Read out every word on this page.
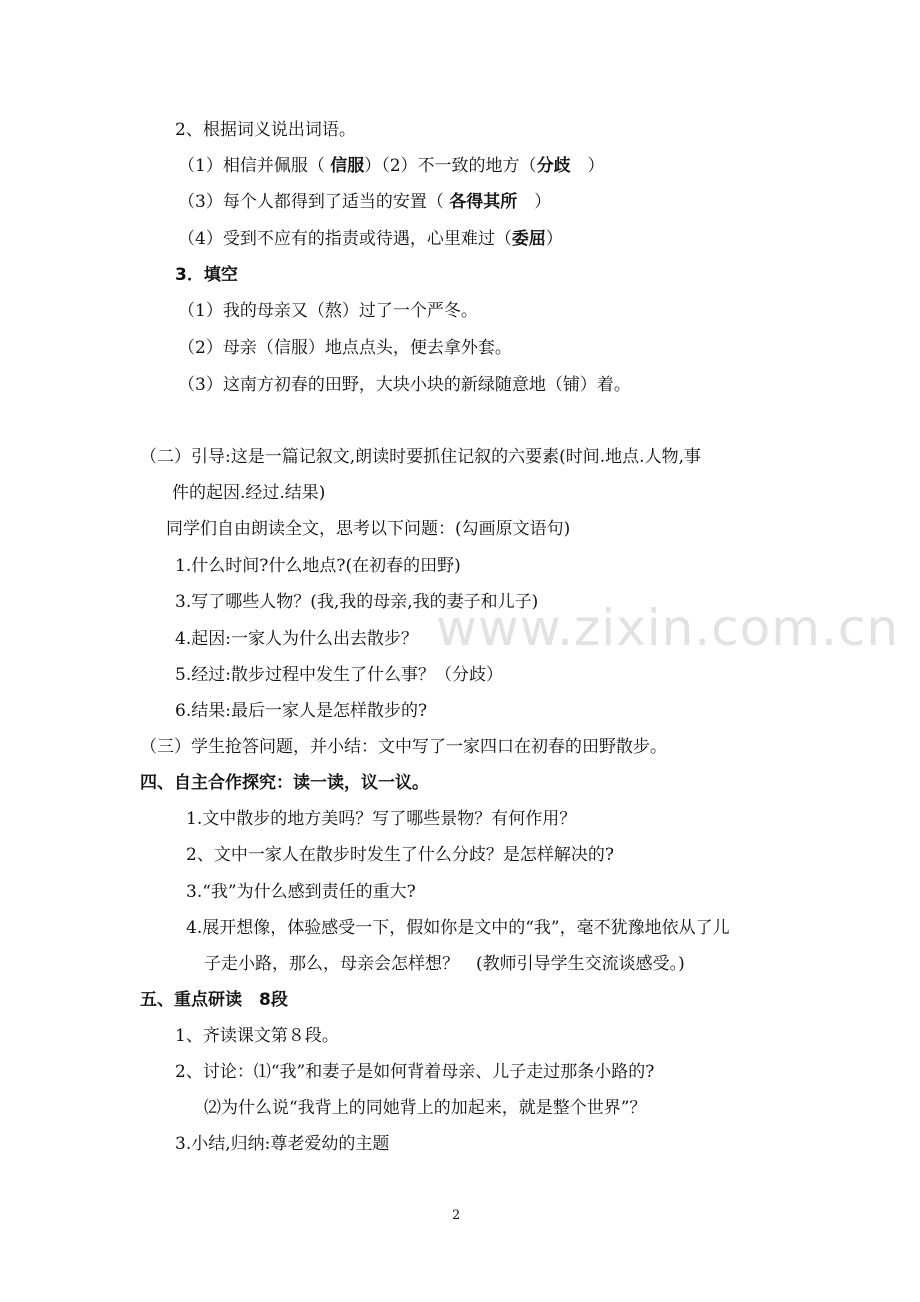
2、根据词义说出词语。
（1）相信并佩服（ 信服）（2）不一致的地方（分歧　）
（3）每个人都得到了适当的安置（ 各得其所　）
（4）受到不应有的指责或待遇，心里难过（委屈）
3．填空
（1）我的母亲又（熬）过了一个严冬。
（2）母亲（信服）地点点头，便去拿外套。
（3）这南方初春的田野，大块小块的新绿随意地（铺）着。
（二）引导:这是一篇记叙文,朗读时要抓住记叙的六要素(时间.地点.人物,事
件的起因.经过.结果)
同学们自由朗读全文，思考以下问题：(勾画原文语句)
1.什么时间?什么地点?(在初春的田野)
3.写了哪些人物？(我,我的母亲,我的妻子和儿子)
4.起因:一家人为什么出去散步？
5.经过:散步过程中发生了什么事？（分歧）
6.结果:最后一家人是怎样散步的?
（三）学生抢答问题，并小结：文中写了一家四口在初春的田野散步。
四、自主合作探究：读一读，议一议。
1.文中散步的地方美吗？写了哪些景物？有何作用？
2、文中一家人在散步时发生了什么分歧？是怎样解决的?
3.“我”为什么感到责任的重大?
4.展开想像，体验感受一下，假如你是文中的“我”，毫不犹豫地依从了儿
子走小路，那么，母亲会怎样想？　(教师引导学生交流谈感受。)
五、重点研读　8段
1、齐读课文第８段。
2、讨论：⑴“我”和妻子是如何背着母亲、儿子走过那条小路的?
⑵为什么说“我背上的同她背上的加起来，就是整个世界”？
3.小结,归纳:尊老爱幼的主题
www.zixin.com.cn
2
